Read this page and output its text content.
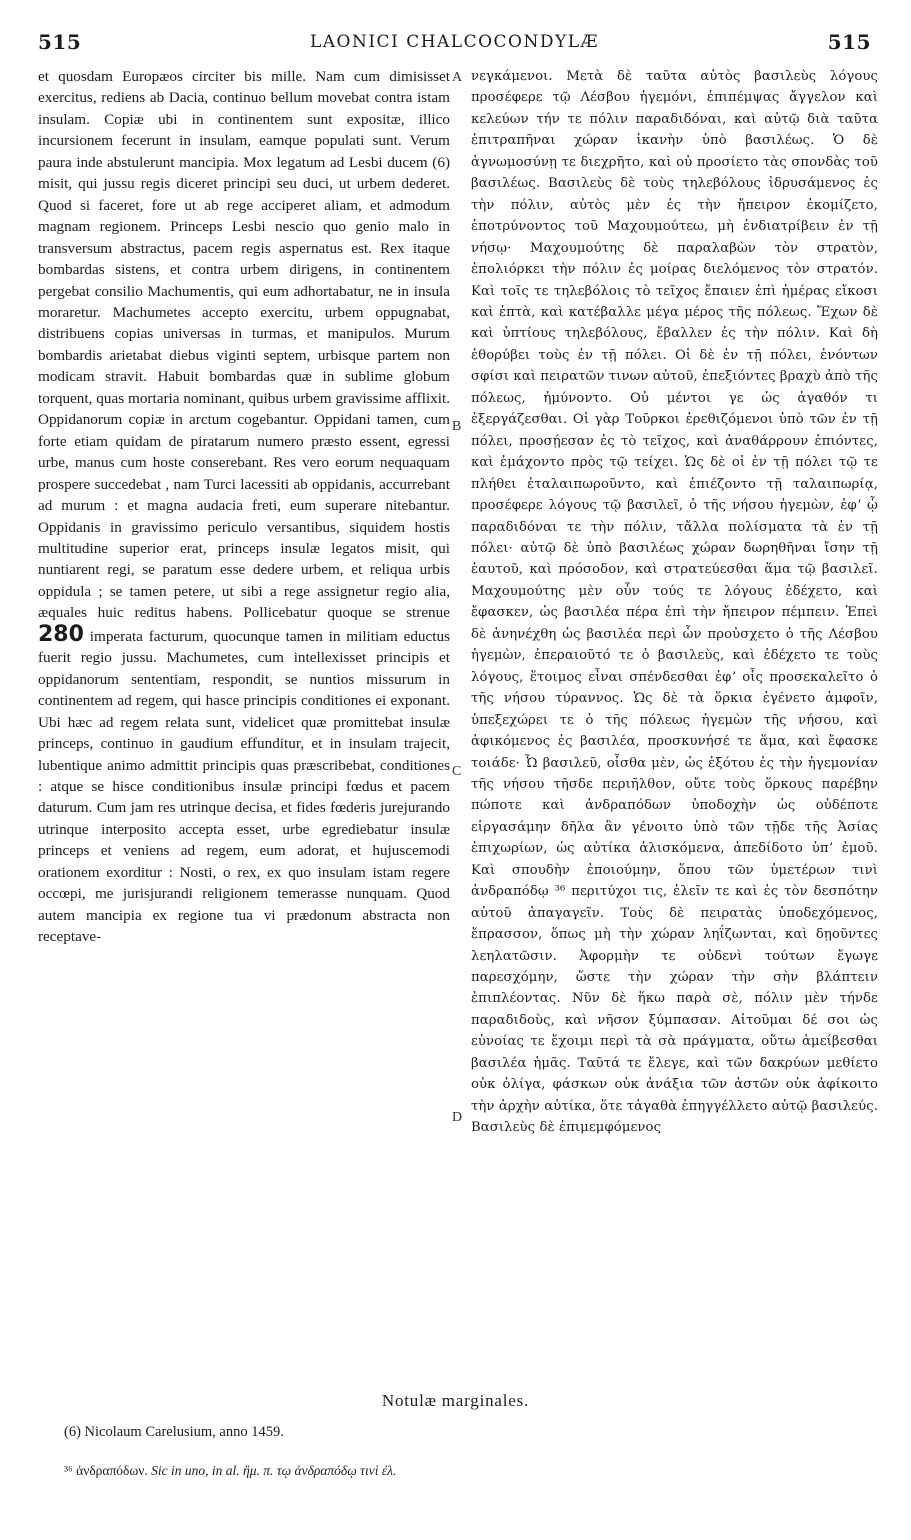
515	LAONICI CHALCOCONDYLÆ	515

et quosdam Europæos circiter bis mille. Nam cum dimisisset exercitus, rediens ab Dacia, continuo bellum movebat contra istam insulam. Copiæ ubi in continentem sunt expositæ, illico incursionem fecerunt in insulam, eamque populati sunt. Verum paura inde abstulerunt mancipia. Mox legatum ad Lesbi ducem (6) misit, qui jussu regis diceret principi seu duci, ut urbem dederet. Quod si faceret, fore ut ab rege acciperet aliam, et admodum magnam regionem. Princeps Lesbi nescio quo genio malo in transversum abstractus, pacem regis aspernatus est. Rex itaque bombardas sistens, et contra urbem dirigens, in continentem pergebat consilio Machumentis, qui eum adhortabatur, ne in insula moraretur. Machumetes accepto exercitu, urbem oppugnabat, distribuens copias universas in turmas, et manipulos. Murum bombardis arietabat diebus viginti septem, urbisque partem non modicam stravit. Habuit bombardas quæ in sublime globum torquent, quas mortaria nominant, quibus urbem gravissime afflixit. Oppidanorum copiæ in arctum cogebantur. Oppidani tamen, cum forte etiam quidam de piratarum numero præsto essent, egressi urbe, manus cum hoste conserebant. Res vero eorum nequaquam prospere succedebat , nam Turci lacessiti ab oppidanis, accurrebant ad murum : et magna audacia freti, eum superare nitebantur. Oppidanis in gravissimo periculo versantibus, siquidem hostis multitudine superior erat, princeps insulæ legatos misit, qui nuntiarent regi, se paratum esse dedere urbem, et reliqua urbis oppidula ; se tamen petere, ut sibi a rege assignetur regio alia, æquales huic reditus habens. Pollicebatur quoque se strenue 280 imperata facturum, quocunque tamen in militiam eductus fuerit regio jussu. Machumetes, cum intellexisset principis et oppidanorum sententiam, respondit, se nuntios missurum in continentem ad regem, qui hasce principis conditiones ei exponant. Ubi hæc ad regem relata sunt, videlicet quæ promittebat insulæ princeps, continuo in gaudium effunditur, et in insulam trajecit, lubentique animo admittit principis quas præscribebat, conditiones : atque se hisce conditionibus insulæ principi fœdus et pacem daturum. Cum jam res utrinque decisa, et fides fœderis jurejurando utrinque interposito accepta esset, urbe egrediebatur insulæ princeps et veniens ad regem, eum adorat, et hujuscemodi orationem exorditur : Nosti, o rex, ex quo insulam istam regere occœpi, me jurisjurandi religionem temerasse nunquam. Quod autem mancipia ex regione tua vi prædonum abstracta non receptave-

A
B
C
D

νεγκάμενοι. Μετὰ δὲ ταῦτα αὐτὸς βασιλεὺς λόγους προσέφερε τῷ Λέσβου ἡγεμόνι, ἐπιπέμψας ἄγγελον καὶ κελεύων τήν τε πόλιν παραδιδόναι, καὶ αὐτῷ διὰ ταῦτα ἐπιτραπῆναι χώραν ἱκανὴν ὑπὸ βασιλέως. Ὁ δὲ ἀγνωμοσύνῃ τε διεχρῆτο, καὶ οὐ προσίετο τὰς σπονδὰς τοῦ βασιλέως. Βασιλεὺς δὲ τοὺς τηλεβόλους ἱδρυσάμενος ἐς τὴν πόλιν, αὐτὸς μὲν ἐς τὴν ἤπειρον ἐκομίζετο, ἐποτρύνοντος τοῦ Μαχουμούτεω, μὴ ἐνδιατρίβειν ἐν τῇ νήσῳ· Μαχουμούτης δὲ παραλαβὼν τὸν στρατὸν, ἐπολιόρκει τὴν πόλιν ἐς μοίρας διελόμενος τὸν στρατόν. Καὶ τοῖς τε τηλεβόλοις τὸ τεῖχος ἔπαιεν ἐπὶ ἡμέρας εἴκοσι καὶ ἑπτὰ, καὶ κατέβαλλε μέγα μέρος τῆς πόλεως. Ἔχων δὲ καὶ ὑπτίους τηλεβόλους, ἔβαλλεν ἐς τὴν πόλιν. Καὶ δὴ ἐθορύβει τοὺς ἐν τῇ πόλει. Οἱ δὲ ἐν τῇ πόλει, ἐνόντων σφίσι καὶ πειρατῶν τινων αὐτοῦ, ἐπεξιόντες βραχὺ ἀπὸ τῆς πόλεως, ἠμύνοντο. Οὐ μέντοι γε ὡς ἀγαθόν τι ἐξεργάζεσθαι. Οἱ γὰρ Τοῦρκοι ἐρεθιζόμενοι ὑπὸ τῶν ἐν τῇ πόλει, προσῄεσαν ἐς τὸ τεῖχος, καὶ ἀναθάρρουν ἐπιόντες, καὶ ἐμάχοντο πρὸς τῷ τείχει. Ὡς δὲ οἱ ἐν τῇ πόλει τῷ τε πλήθει ἐταλαιπωροῦντο, καὶ ἐπιέζοντο τῇ ταλαιπωρίᾳ, προσέφερε λόγους τῷ βασιλεῖ, ὁ τῆς νήσου ἡγεμὼν, ἐφʼ ᾧ παραδιδόναι τε τὴν πόλιν, τἄλλα πολίσματα τὰ ἐν τῇ πόλει· αὐτῷ δὲ ὑπὸ βασιλέως χώραν δωρηθῆναι ἴσην τῇ ἑαυτοῦ, καὶ πρόσοδον, καὶ στρατεύεσθαι ἅμα τῷ βασιλεῖ. Μαχουμούτης μὲν οὖν τούς τε λόγους ἐδέχετο, καὶ ἔφασκεν, ὡς βασιλέα πέρα ἐπὶ τὴν ἤπειρον πέμπειν. Ἐπεὶ δὲ ἀνηνέχθη ὡς βασιλέα περὶ ὧν προὐσχετο ὁ τῆς Λέσβου ἡγεμὼν, ἐπεραιοῦτό τε ὁ βασιλεὺς, καὶ ἐδέχετο τε τοὺς λόγους, ἕτοιμος εἶναι σπένδεσθαι ἐφʼ οἷς προσεκαλεῖτο ὁ τῆς νήσου τύραννος. Ὡς δὲ τὰ ὅρκια ἐγένετο ἀμφοῖν, ὑπεξεχώρει τε ὁ τῆς πόλεως ἡγεμὼν τῆς νήσου, καὶ ἀφικόμενος ἐς βασιλέα, προσκυνήσέ τε ἅμα, καὶ ἔφασκε τοιάδε· Ὦ βασιλεῦ, οἶσθα μὲν, ὡς ἐξότου ἐς τὴν ἡγεμονίαν τῆς νήσου τῆσδε περιῆλθον, οὔτε τοὺς ὅρκους παρέβην πώποτε καὶ ἀνδραπόδων ὑποδοχὴν ὡς οὐδέποτε εἰργασάμην δῆλα ἂν γένοιτο ὑπὸ τῶν τῇδε τῆς Ἀσίας ἐπιχωρίων, ὡς αὐτίκα ἁλισκόμενα, ἀπεδίδοτο ὑπʼ ἐμοῦ. Καὶ σπουδὴν ἐποιούμην, ὅπου τῶν ὑμετέρων τινὶ ἀνδραπόδῳ ³⁶ περιτύχοι τις, ἑλεῖν τε καὶ ἐς τὸν δεσπότην αὐτοῦ ἀπαγαγεῖν. Τοὺς δὲ πειρατὰς ὑποδεχόμενος, ἔπρασσον, ὅπως μὴ τὴν χώραν ληΐζωνται, καὶ δῃοῦντες λεηλατῶσιν. Ἀφορμὴν τε οὐδενὶ τούτων ἔγωγε παρεσχόμην, ὥστε τὴν χώραν τὴν σὴν βλάπτειν ἐπιπλέοντας. Νῦν δὲ ἥκω παρὰ σὲ, πόλιν μὲν τήνδε παραδιδοὺς, καὶ νῆσον ξύμπασαν. Αἰτοῦμαι δέ σοι ὡς εὐνοίας τε ἔχοιμι περὶ τὰ σὰ πράγματα, οὕτω ἀμείβεσθαι βασιλέα ἡμᾶς. Ταῦτά τε ἔλεγε, καὶ τῶν δακρύων μεθίετο οὐκ ὀλίγα, φάσκων οὐκ ἀνάξια τῶν ἀστῶν οὐκ ἀφίκοιτο τὴν ἀρχὴν αὐτίκα, ὅτε τἀγαθὰ ἐπηγγέλλετο αὐτῷ βασιλεύς. Βασιλεὺς δὲ ἐπιμεμφόμενος

Notulæ marginales.
(6) Nicolaum Carelusium, anno 1459.
³⁶ ἀνδραπόδων. Sic in uno, in al. ἢμ. π. τῳ ἀνδραπόδῳ τινὶ ἐλ.
